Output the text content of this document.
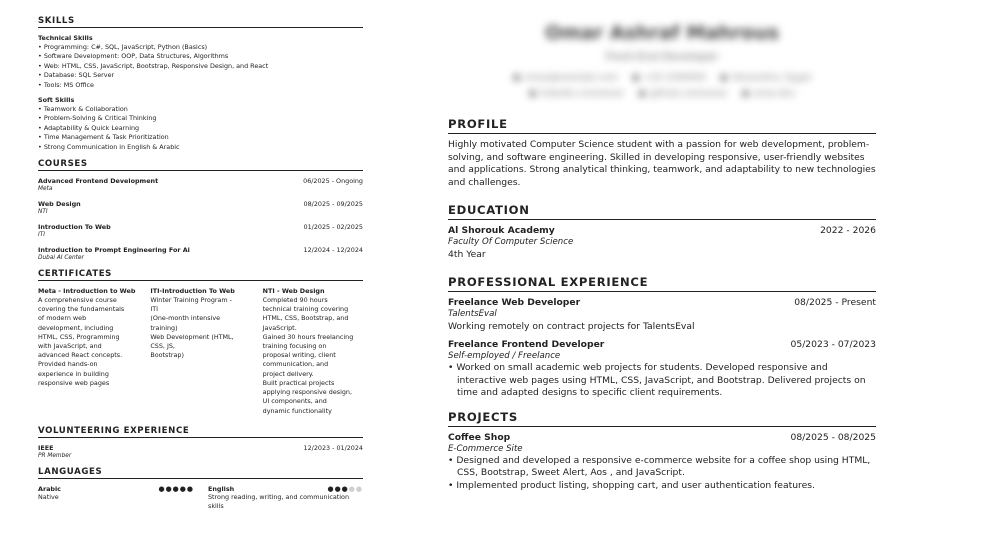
SKILLS
Technical Skills
• Programming: C#, SQL, JavaScript, Python (Basics)
• Software Development: OOP, Data Structures, Algorithms
• Web: HTML, CSS, JavaScript, Bootstrap, Responsive Design, and React
• Database: SQL Server
• Tools: MS Office
Soft Skills
• Teamwork & Collaboration
• Problem-Solving & Critical Thinking
• Adaptability & Quick Learning
• Time Management & Task Prioritization
• Strong Communication in English & Arabic
COURSES
Advanced Frontend Development	06/2025 - Ongoing
Meta
Web Design	08/2025 - 09/2025
NTI
Introduction To Web	01/2025 - 02/2025
ITI
Introduction to Prompt Engineering For Ai	12/2024 - 12/2024
Dubai AI Center
CERTIFICATES
Meta - Introduction to Web
A comprehensive course
covering the fundamentals
of modern web
development, including
HTML, CSS, Programming
with JavaScript, and
advanced React concepts.
Provided hands-on
experience in building
responsive web pages
ITI-Introduction To Web
Winter Training Program -
ITI
(One-month intensive
training)
Web Development (HTML,
CSS, JS,
Bootstrap)
NTI - Web Design
Completed 90 hours
technical training covering
HTML, CSS, Bootstrap, and
JavaScript.
Gained 30 hours freelancing
training focusing on
proposal writing, client
communication, and
project delivery.
Built practical projects
applying responsive design,
UI components, and
dynamic functionality
VOLUNTEERING EXPERIENCE
IEEE	12/2023 - 01/2024
PR Member
LANGUAGES
Arabic	●●●●●
Native
English	●●●●●
Strong reading, writing, and communication skills
Omar Ashraf Mahrous
Front-End Developer
● omar@example.com	● +20 1000000	● Alexandria, Egypt
● linkedin.com/omar	● github.com/omar	● omar.dev
PROFILE
Highly motivated Computer Science student with a passion for web development, problem-solving, and software engineering. Skilled in developing responsive, user-friendly websites and applications. Strong analytical thinking, teamwork, and adaptability to new technologies and challenges.
EDUCATION
Al Shorouk Academy	2022 - 2026
Faculty Of Computer Science
4th Year
PROFESSIONAL EXPERIENCE
Freelance Web Developer	08/2025 - Present
TalentsEval
Working remotely on contract projects for TalentsEval
Freelance Frontend Developer	05/2023 - 07/2023
Self-employed / Freelance
• Worked on small academic web projects for students. Developed responsive and interactive web pages using HTML, CSS, JavaScript, and Bootstrap. Delivered projects on time and adapted designs to specific client requirements.
PROJECTS
Coffee Shop	08/2025 - 08/2025
E-Commerce Site
• Designed and developed a responsive e-commerce website for a coffee shop using HTML, CSS, Bootstrap, Sweet Alert, Aos , and JavaScript.
• Implemented product listing, shopping cart, and user authentication features.
